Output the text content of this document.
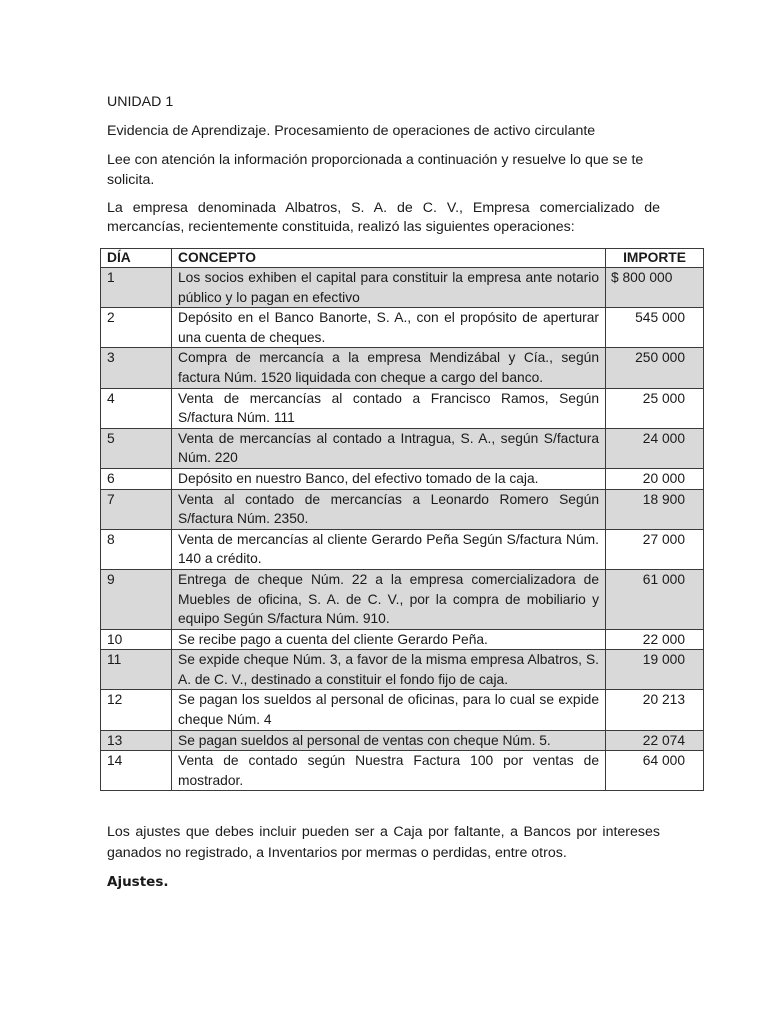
UNIDAD 1

Evidencia de Aprendizaje. Procesamiento de operaciones de activo circulante

Lee con atención la información proporcionada a continuación y resuelve lo que se te solicita.

La empresa denominada Albatros, S. A. de C. V., Empresa comercializado de mercancías, recientemente constituida, realizó las siguientes operaciones:

DÍA	CONCEPTO	IMPORTE
1	Los socios exhiben el capital para constituir la empresa ante notario público y lo pagan en efectivo	$ 800 000
2	Depósito en el Banco Banorte, S. A., con el propósito de aperturar una cuenta de cheques.	545 000
3	Compra de mercancía a la empresa Mendizábal y Cía., según factura Núm. 1520 liquidada con cheque a cargo del banco.	250 000
4	Venta de mercancías al contado a Francisco Ramos, Según S/factura Núm. 111	25 000
5	Venta de mercancías al contado a Intragua, S. A., según S/factura Núm. 220	24 000
6	Depósito en nuestro Banco, del efectivo tomado de la caja.	20 000
7	Venta al contado de mercancías a Leonardo Romero Según S/factura Núm. 2350.	18 900
8	Venta de mercancías al cliente Gerardo Peña Según S/factura Núm. 140 a crédito.	27 000
9	Entrega de cheque Núm. 22 a la empresa comercializadora de Muebles de oficina, S. A. de C. V., por la compra de mobiliario y equipo Según S/factura Núm. 910.	61 000
10	Se recibe pago a cuenta del cliente Gerardo Peña.	22 000
11	Se expide cheque Núm. 3, a favor de la misma empresa Albatros, S. A. de C. V., destinado a constituir el fondo fijo de caja.	19 000
12	Se pagan los sueldos al personal de oficinas, para lo cual se expide cheque Núm. 4	20 213
13	Se pagan sueldos al personal de ventas con cheque Núm. 5.	22 074
14	Venta de contado según Nuestra Factura 100 por ventas de mostrador.	64 000

Los ajustes que debes incluir pueden ser a Caja por faltante, a Bancos por intereses ganados no registrado, a Inventarios por mermas o perdidas, entre otros.

Ajustes.
